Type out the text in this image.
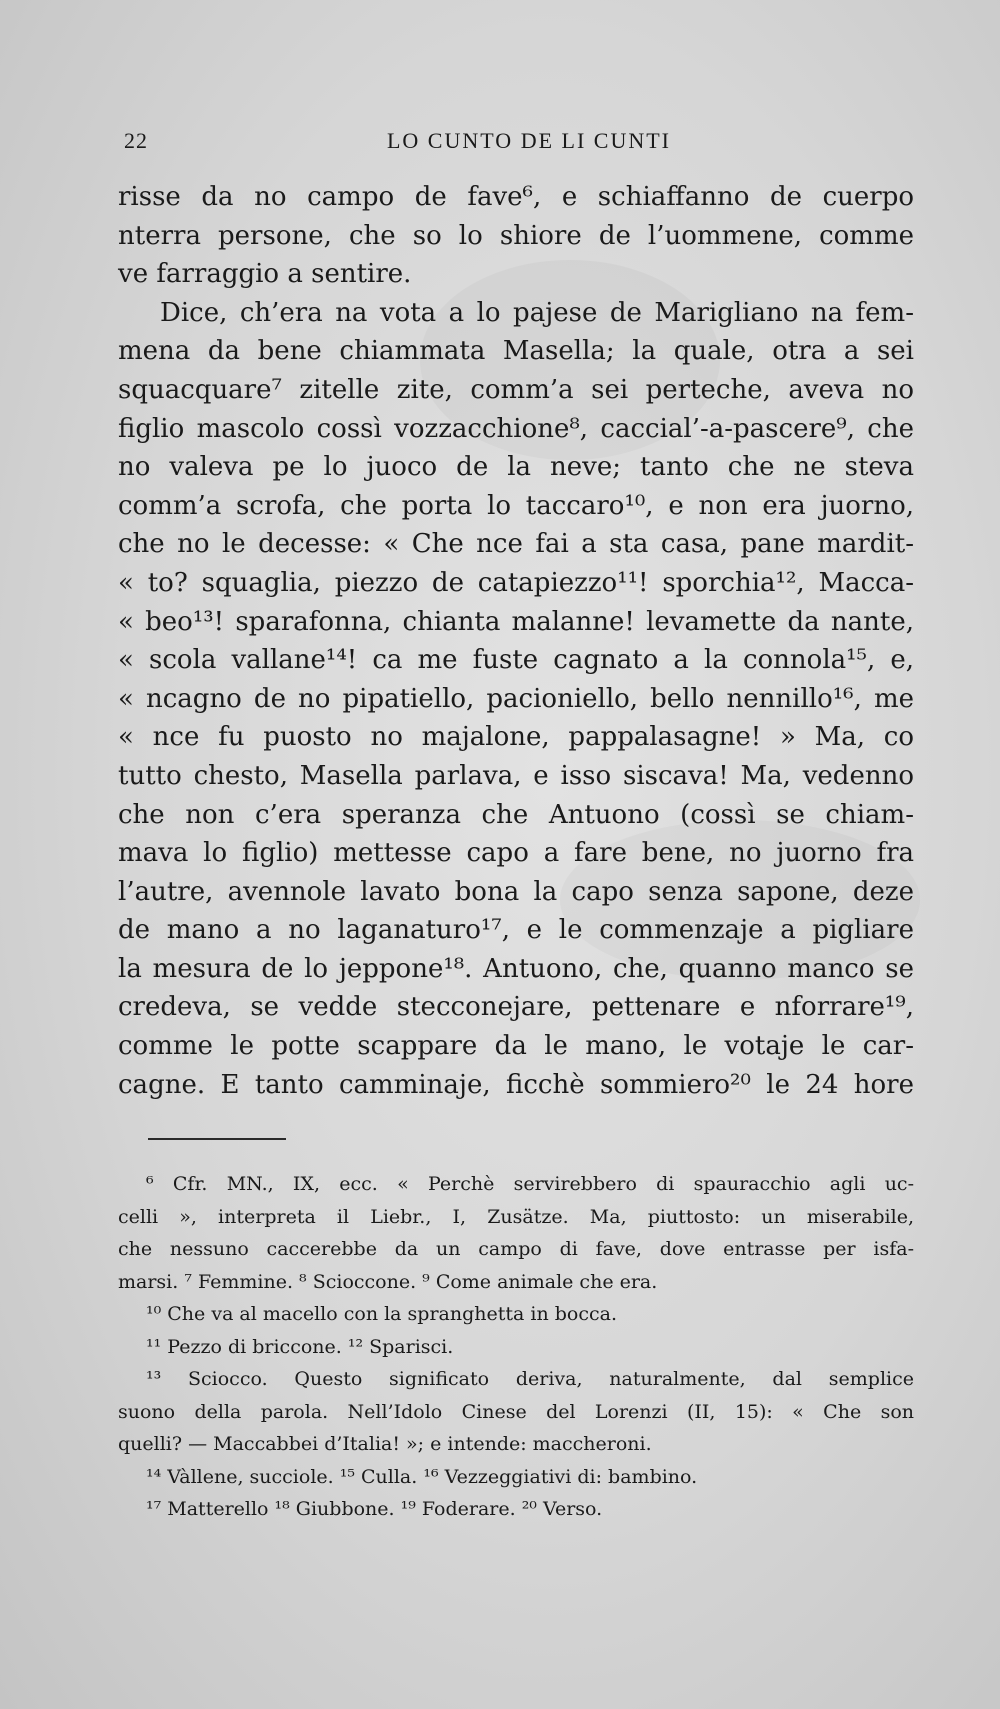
22	LO CUNTO DE LI CUNTI
risse da no campo de fave⁶, e schiaffanno de cuerpo
nterra persone, che so lo shiore de l’uommene, comme
ve farraggio a sentire.
Dice, ch’era na vota a lo pajese de Marigliano na fem-
mena da bene chiammata Masella; la quale, otra a sei
squacquare⁷ zitelle zite, comm’a sei perteche, aveva no
figlio mascolo cossì vozzacchione⁸, caccial’-a-pascere⁹, che
no valeva pe lo juoco de la neve; tanto che ne steva
comm’a scrofa, che porta lo taccaro¹⁰, e non era juorno,
che no le decesse: « Che nce fai a sta casa, pane mardit-
« to? squaglia, piezzo de catapiezzo¹¹! sporchia¹², Macca-
« beo¹³! sparafonna, chianta malanne! levamette da nante,
« scola vallane¹⁴! ca me fuste cagnato a la connola¹⁵, e,
« ncagno de no pipatiello, pacioniello, bello nennillo¹⁶, me
« nce fu puosto no majalone, pappalasagne! » Ma, co
tutto chesto, Masella parlava, e isso siscava! Ma, vedenno
che non c’era speranza che Antuono (cossì se chiam-
mava lo figlio) mettesse capo a fare bene, no juorno fra
l’autre, avennole lavato bona la capo senza sapone, deze
de mano a no laganaturo¹⁷, e le commenzaje a pigliare
la mesura de lo jeppone¹⁸. Antuono, che, quanno manco se
credeva, se vedde stecconejare, pettenare e nforrare¹⁹,
comme le potte scappare da le mano, le votaje le car-
cagne. E tanto camminaje, ficchè sommiero²⁰ le 24 hore
⁶ Cfr. MN., IX, ecc. « Perchè servirebbero di spauracchio agli uc-
celli », interpreta il Liebr., I, Zusätze. Ma, piuttosto: un miserabile,
che nessuno caccerebbe da un campo di fave, dove entrasse per isfa-
marsi. ⁷ Femmine. ⁸ Scioccone. ⁹ Come animale che era.
¹⁰ Che va al macello con la spranghetta in bocca.
¹¹ Pezzo di briccone. ¹² Sparisci.
¹³ Sciocco. Questo significato deriva, naturalmente, dal semplice
suono della parola. Nell’Idolo Cinese del Lorenzi (II, 15): « Che son
quelli? — Maccabbei d’Italia! »; e intende: maccheroni.
¹⁴ Vàllene, succiole. ¹⁵ Culla. ¹⁶ Vezzeggiativi di: bambino.
¹⁷ Matterello ¹⁸ Giubbone. ¹⁹ Foderare. ²⁰ Verso.
